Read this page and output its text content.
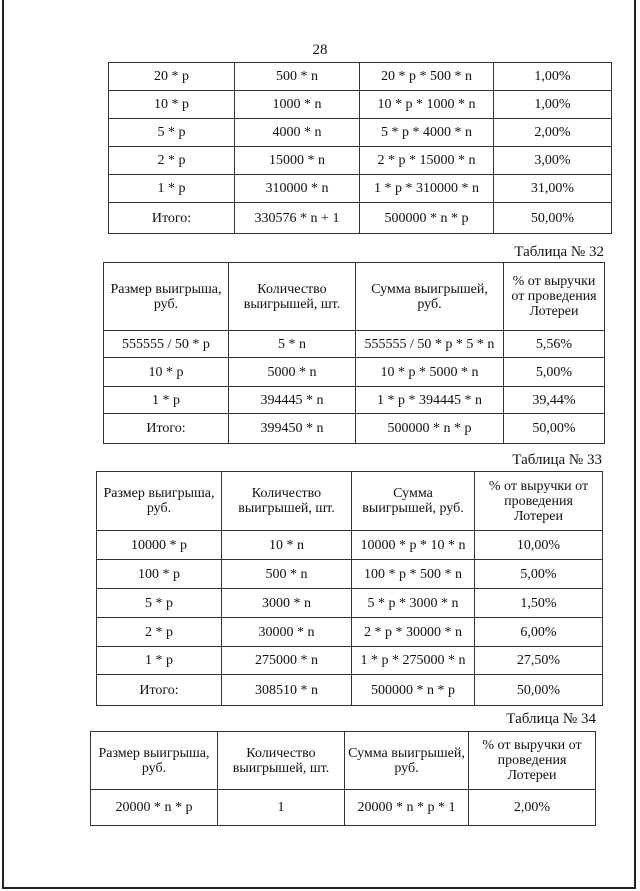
28
20 * p	500 * n	20 * p * 500 * n	1,00%
10 * p	1000 * n	10 * p * 1000 * n	1,00%
5 * p	4000 * n	5 * p * 4000 * n	2,00%
2 * p	15000 * n	2 * p * 15000 * n	3,00%
1 * p	310000 * n	1 * p * 310000 * n	31,00%
Итого:	330576 * n + 1	500000 * n * p	50,00%
Таблица № 32
Размер выигрыша, руб.	Количество выигрышей, шт.	Сумма выигрышей, руб.	% от выручки от проведения Лотереи
555555 / 50 * p	5 * n	555555 / 50 * p * 5 * n	5,56%
10 * p	5000 * n	10 * p * 5000 * n	5,00%
1 * p	394445 * n	1 * p * 394445 * n	39,44%
Итого:	399450 * n	500000 * n * p	50,00%
Таблица № 33
Размер выигрыша, руб.	Количество выигрышей, шт.	Сумма выигрышей, руб.	% от выручки от проведения Лотереи
10000 * p	10 * n	10000 * p * 10 * n	10,00%
100 * p	500 * n	100 * p * 500 * n	5,00%
5 * p	3000 * n	5 * p * 3000 * n	1,50%
2 * p	30000 * n	2 * p * 30000 * n	6,00%
1 * p	275000 * n	1 * p * 275000 * n	27,50%
Итого:	308510 * n	500000 * n * p	50,00%
Таблица № 34
Размер выигрыша, руб.	Количество выигрышей, шт.	Сумма выигрышей, руб.	% от выручки от проведения Лотереи
20000 * n * p	1	20000 * n * p * 1	2,00%
